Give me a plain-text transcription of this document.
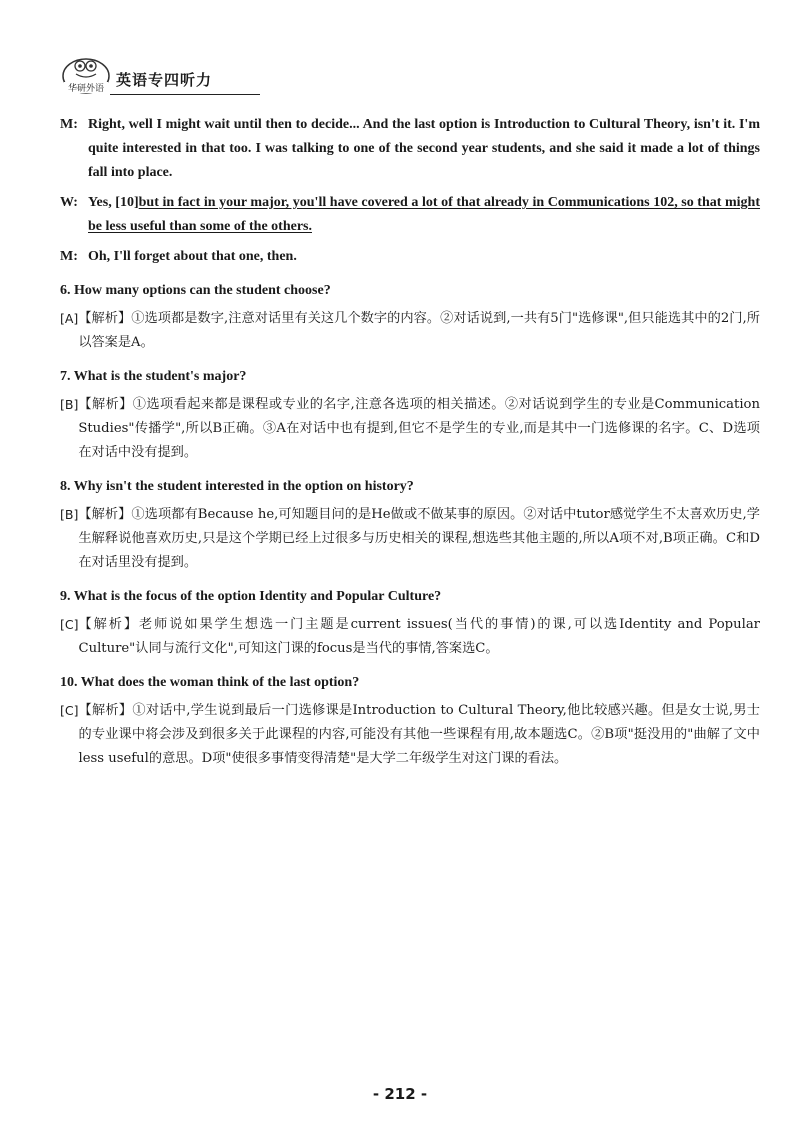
华研外语 英语专四听力
M: Right, well I might wait until then to decide... And the last option is Introduction to Cultural Theory, isn't it. I'm quite interested in that too. I was talking to one of the second year students, and she said it made a lot of things fall into place.
W: Yes, [10]but in fact in your major, you'll have covered a lot of that already in Communications 102, so that might be less useful than some of the others.
M: Oh, I'll forget about that one, then.
6. How many options can the student choose?
[A] 【解析】①选项都是数字,注意对话里有关这几个数字的内容。②对话说到,一共有5门"选修课",但只能选其中的2门,所以答案是A。
7. What is the student's major?
[B] 【解析】①选项看起来都是课程或专业的名字,注意各选项的相关描述。②对话说到学生的专业是Communication Studies"传播学",所以B正确。③A在对话中也有提到,但它不是学生的专业,而是其中一门选修课的名字。C、D选项在对话中没有提到。
8. Why isn't the student interested in the option on history?
[B] 【解析】①选项都有Because he,可知题目问的是He做或不做某事的原因。②对话中tutor感觉学生不太喜欢历史,学生解释说他喜欢历史,只是这个学期已经上过很多与历史相关的课程,想选些其他主题的,所以A项不对,B项正确。C和D在对话里没有提到。
9. What is the focus of the option Identity and Popular Culture?
[C] 【解析】老师说如果学生想选一门主题是current issues(当代的事情)的课,可以选Identity and Popular Culture"认同与流行文化",可知这门课的focus是当代的事情,答案选C。
10. What does the woman think of the last option?
[C] 【解析】①对话中,学生说到最后一门选修课是Introduction to Cultural Theory,他比较感兴趣。但是女士说,男士的专业课中将会涉及到很多关于此课程的内容,可能没有其他一些课程有用,故本题选C。②B项"挺没用的"曲解了文中less useful的意思。D项"使很多事情变得清楚"是大学二年级学生对这门课的看法。
- 212 -
